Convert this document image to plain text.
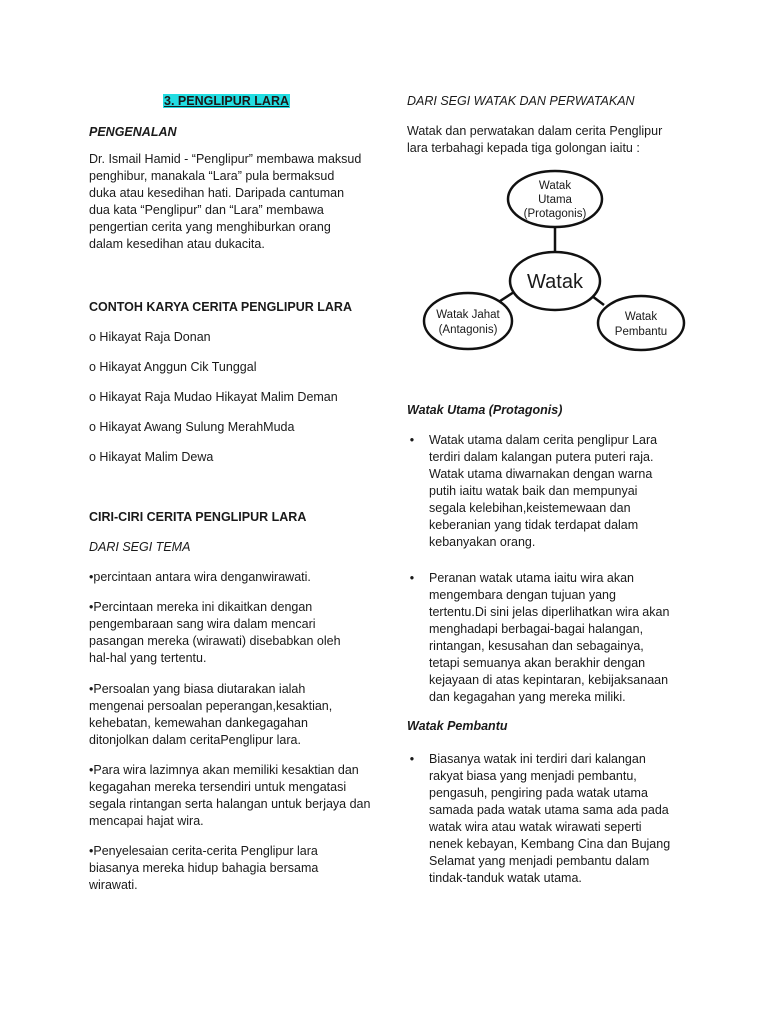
3. PENGLIPUR LARA
PENGENALAN

Dr. Ismail Hamid - “Penglipur” membawa maksud penghibur, manakala “Lara” pula bermaksud duka atau kesedihan hati. Daripada cantuman dua kata “Penglipur” dan “Lara” membawa pengertian cerita yang menghiburkan orang dalam kesedihan atau dukacita.

CONTOH KARYA CERITA PENGLIPUR LARA
o Hikayat Raja Donan
o Hikayat Anggun Cik Tunggal
o Hikayat Raja Mudao Hikayat Malim Deman
o Hikayat Awang Sulung MerahMuda
o Hikayat Malim Dewa
CIRI-CIRI CERITA PENGLIPUR LARA
DARI SEGI TEMA

•percintaan antara wira denganwirawati.

•Percintaan mereka ini dikaitkan dengan pengembaraan sang wira dalam mencari pasangan mereka (wirawati) disebabkan oleh hal-hal yang tertentu.

•Persoalan yang biasa diutarakan ialah mengenai persoalan peperangan,kesaktian, kehebatan, kemewahan dankegagahan ditonjolkan dalam ceritaPenglipur lara.

•Para wira lazimnya akan memiliki kesaktian dan kegagahan mereka tersendiri untuk mengatasi segala rintangan serta halangan untuk berjaya dan mencapai hajat wira.

•Penyelesaian cerita-cerita Penglipur lara biasanya mereka hidup bahagia bersama wirawati.

DARI SEGI WATAK DAN PERWATAKAN

Watak dan perwatakan dalam cerita Penglipur lara terbahagi kepada tiga golongan iaitu :

Watak
Utama
(Protagonis)
Watak
Watak Jahat
(Antagonis)
Watak
Pembantu
Watak Utama (Protagonis)
• Watak utama dalam cerita penglipur Lara terdiri dalam kalangan putera puteri raja. Watak utama diwarnakan dengan warna putih iaitu watak baik dan mempunyai segala kelebihan,keistemewaan dan keberanian yang tidak terdapat dalam kebanyakan orang.
• Peranan watak utama iaitu wira akan mengembara dengan tujuan yang tertentu.Di sini jelas diperlihatkan wira akan menghadapi berbagai-bagai halangan, rintangan, kesusahan dan sebagainya, tetapi semuanya akan berakhir dengan kejayaan di atas kepintaran, kebijaksanaan dan kegagahan yang mereka miliki.
Watak Pembantu
• Biasanya watak ini terdiri dari kalangan rakyat biasa yang menjadi pembantu, pengasuh, pengiring pada watak utama samada pada watak utama sama ada pada watak wira atau watak wirawati seperti nenek kebayan, Kembang Cina dan Bujang Selamat yang menjadi pembantu dalam tindak-tanduk watak utama.
